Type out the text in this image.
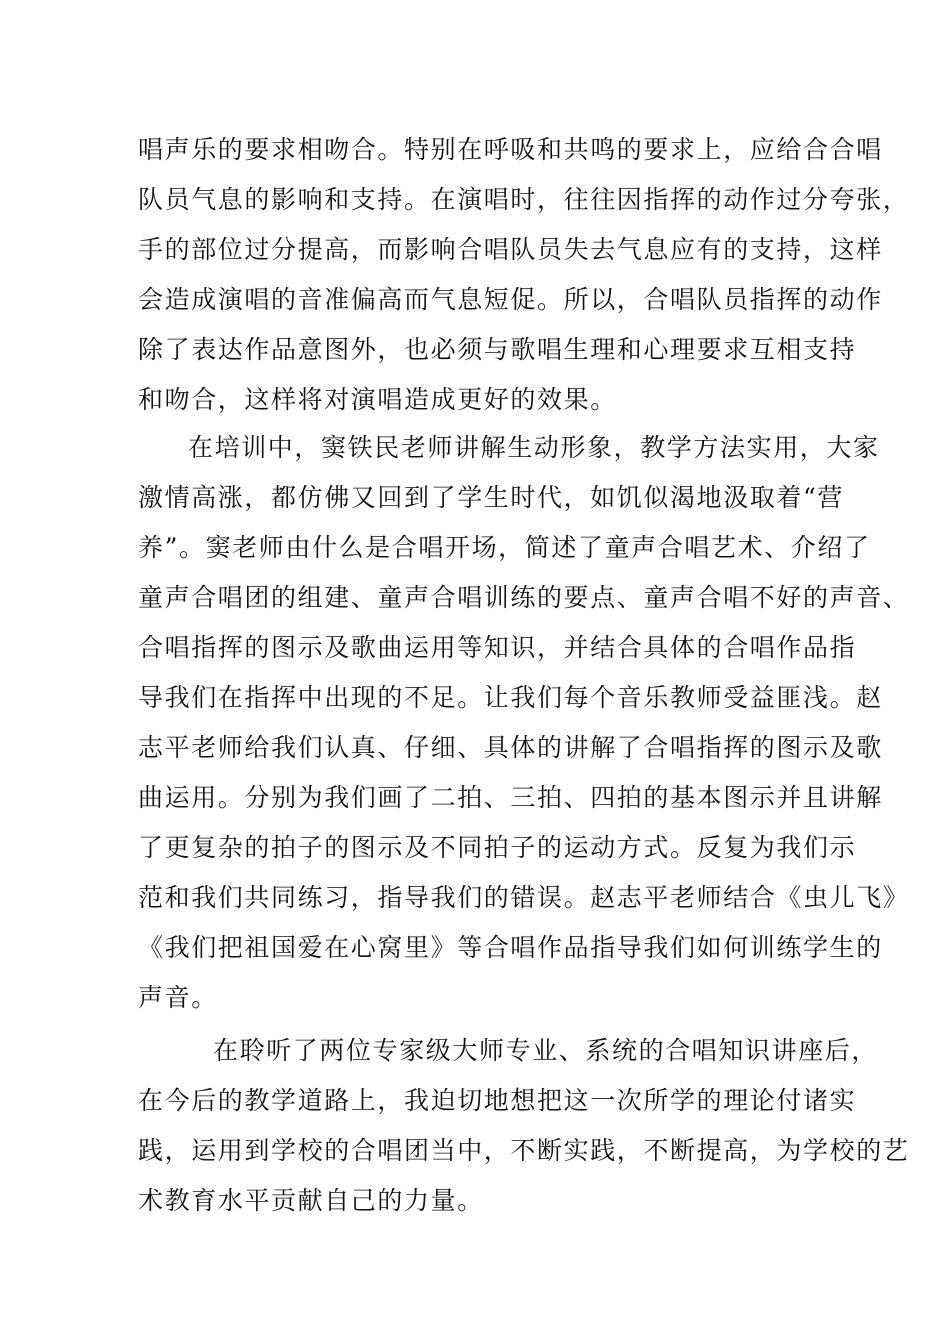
唱声乐的要求相吻合。特别在呼吸和共鸣的要求上，应给合合唱
队员气息的影响和支持。在演唱时，往往因指挥的动作过分夸张，
手的部位过分提高，而影响合唱队员失去气息应有的支持，这样
会造成演唱的音准偏高而气息短促。所以，合唱队员指挥的动作
除了表达作品意图外，也必须与歌唱生理和心理要求互相支持
和吻合，这样将对演唱造成更好的效果。
在培训中，窦铁民老师讲解生动形象，教学方法实用，大家
激情高涨，都仿佛又回到了学生时代，如饥似渴地汲取着“营
养”。窦老师由什么是合唱开场，简述了童声合唱艺术、介绍了
童声合唱团的组建、童声合唱训练的要点、童声合唱不好的声音、
合唱指挥的图示及歌曲运用等知识，并结合具体的合唱作品指
导我们在指挥中出现的不足。让我们每个音乐教师受益匪浅。赵
志平老师给我们认真、仔细、具体的讲解了合唱指挥的图示及歌
曲运用。分别为我们画了二拍、三拍、四拍的基本图示并且讲解
了更复杂的拍子的图示及不同拍子的运动方式。反复为我们示
范和我们共同练习，指导我们的错误。赵志平老师结合《虫儿飞》
《我们把祖国爱在心窝里》等合唱作品指导我们如何训练学生的
声音。
在聆听了两位专家级大师专业、系统的合唱知识讲座后，
在今后的教学道路上，我迫切地想把这一次所学的理论付诸实
践，运用到学校的合唱团当中，不断实践，不断提高，为学校的艺
术教育水平贡献自己的力量。
